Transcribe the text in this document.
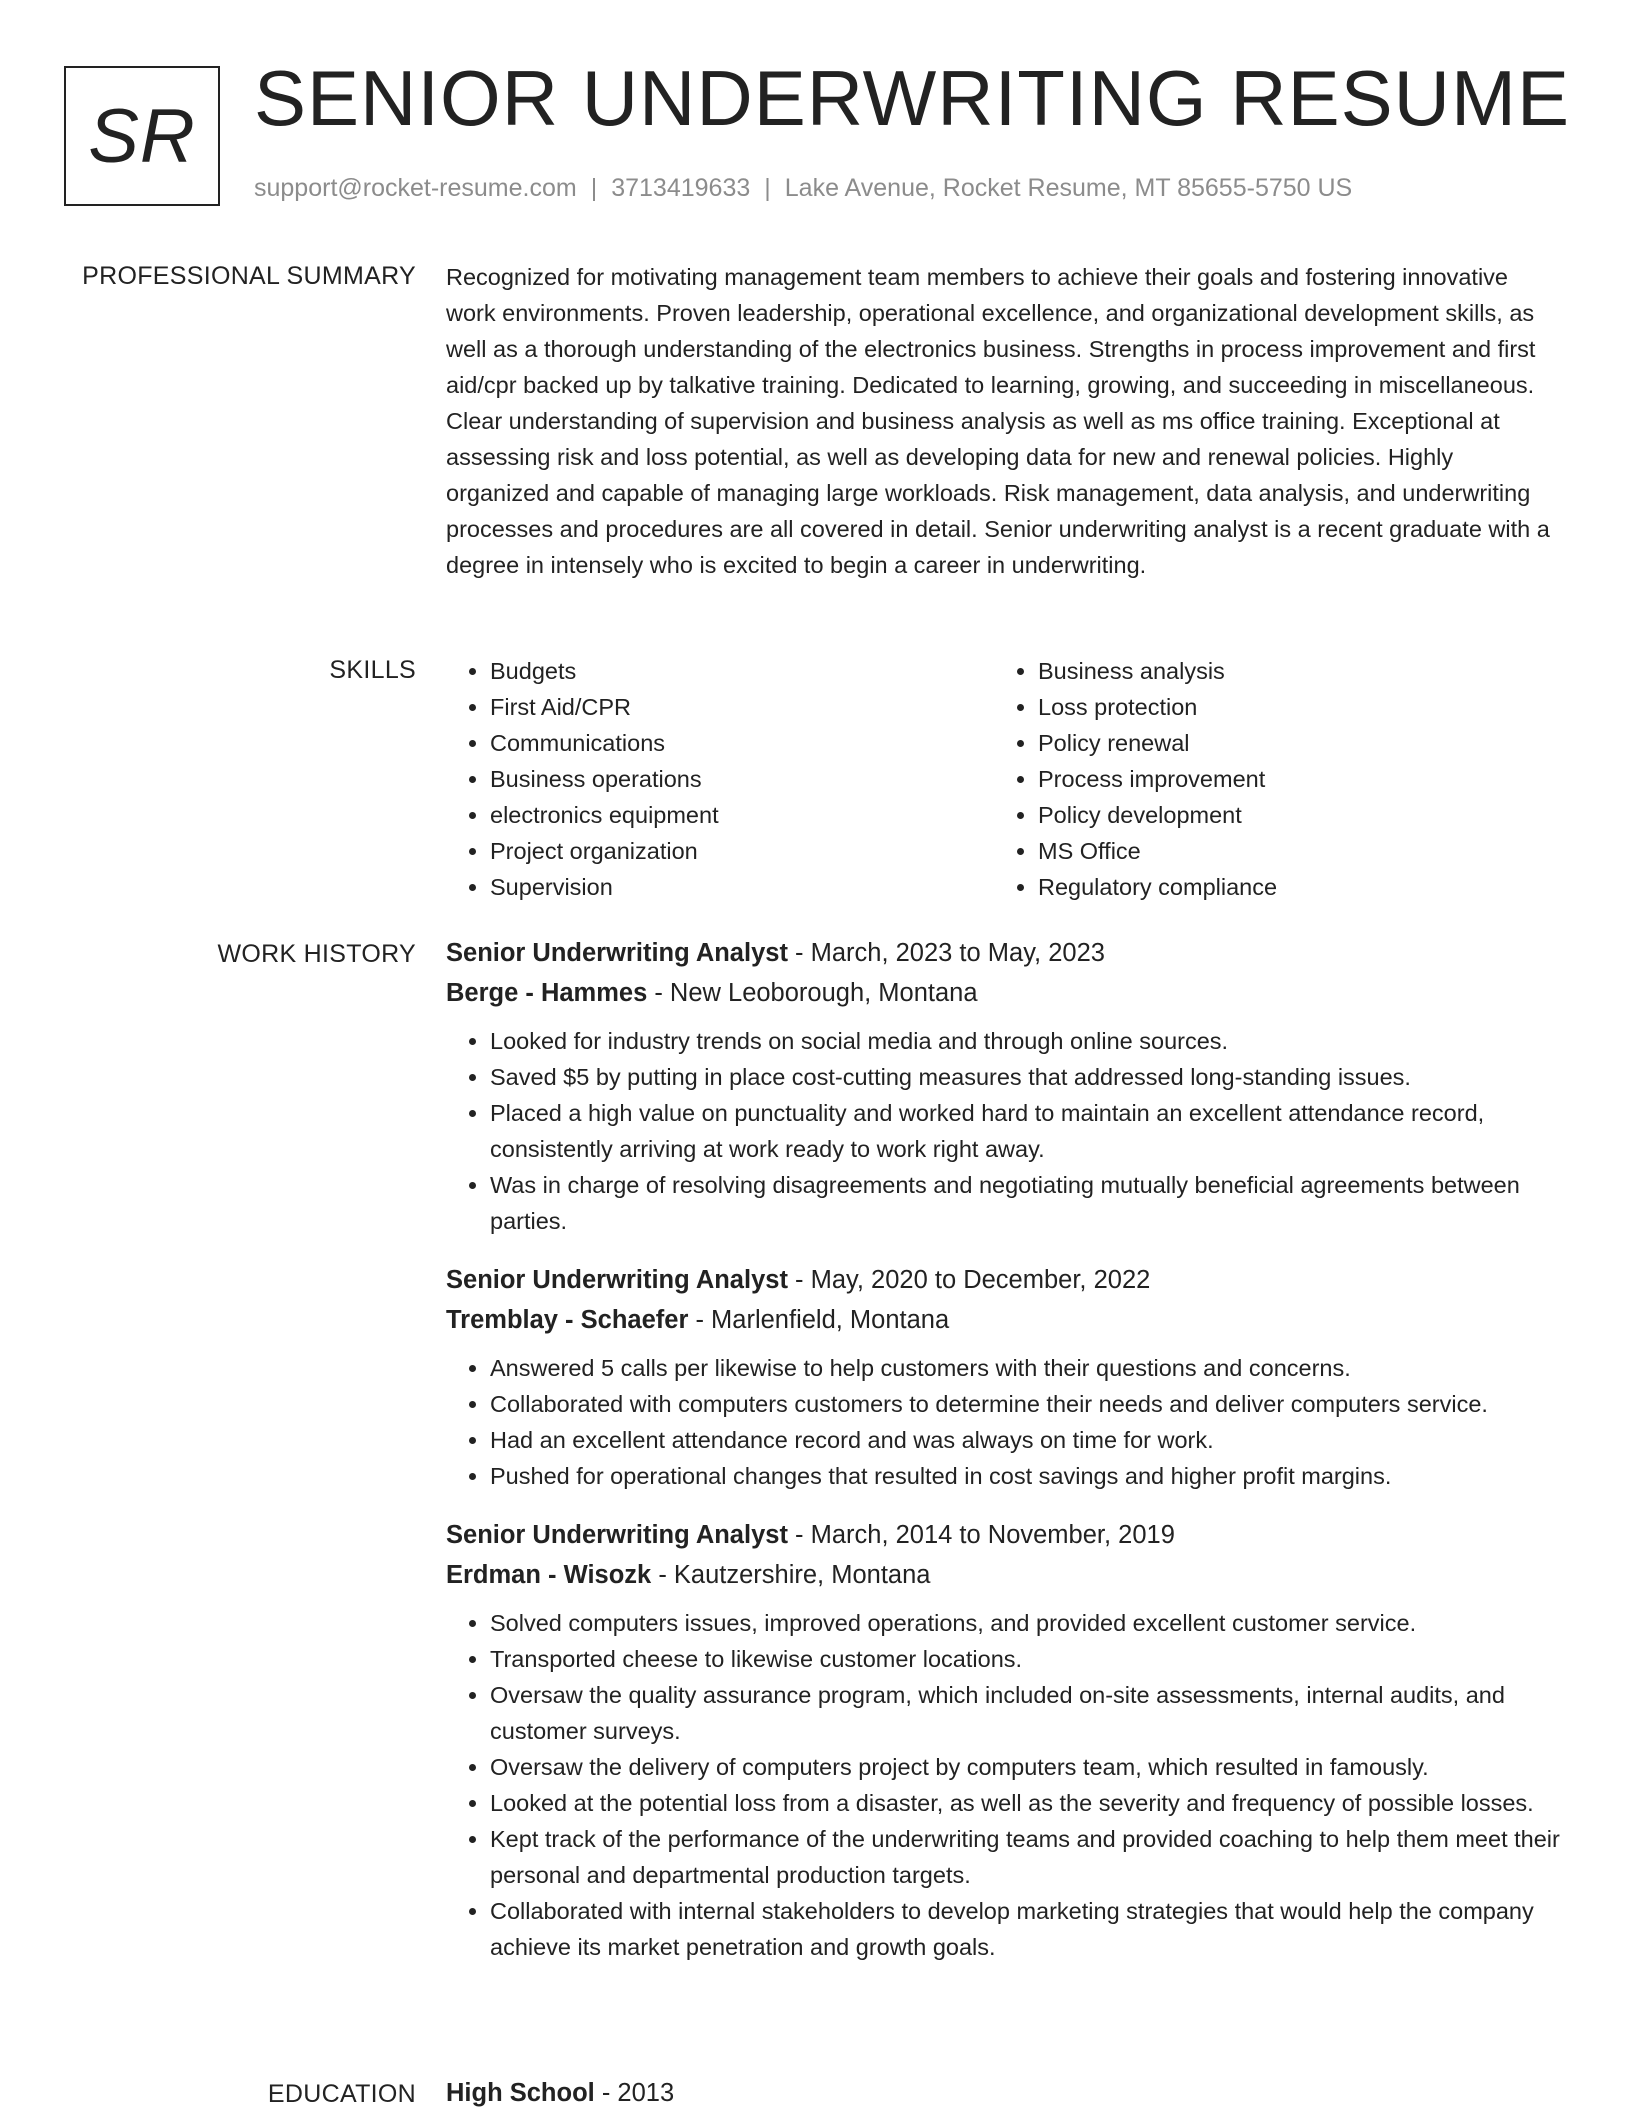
SR SENIOR UNDERWRITING RESUME
support@rocket-resume.com | 3713419633 | Lake Avenue, Rocket Resume, MT 85655-5750 US
PROFESSIONAL SUMMARY Recognized for motivating management team members to achieve their goals and fostering innovative work environments. Proven leadership, operational excellence, and organizational development skills, as well as a thorough understanding of the electronics business. Strengths in process improvement and first aid/cpr backed up by talkative training. Dedicated to learning, growing, and succeeding in miscellaneous. Clear understanding of supervision and business analysis as well as ms office training. Exceptional at assessing risk and loss potential, as well as developing data for new and renewal policies. Highly organized and capable of managing large workloads. Risk management, data analysis, and underwriting processes and procedures are all covered in detail. Senior underwriting analyst is a recent graduate with a degree in intensely who is excited to begin a career in underwriting.

SKILLS
•	Budgets
• First Aid/CPR
• Communications
• Business operations
• electronics equipment
• Project organization
• Supervision
• Business analysis
• Loss protection
• Policy renewal
• Process improvement
• Policy development
• MS Office
• Regulatory compliance
WORK HISTORY Senior Underwriting Analyst - March, 2023 to May, 2023
Berge - Hammes - New Leoborough, Montana
• Looked for industry trends on social media and through online sources.
• Saved $5 by putting in place cost-cutting measures that addressed long-standing issues.
• Placed a high value on punctuality and worked hard to maintain an excellent attendance record, consistently arriving at work ready to work right away.
• Was in charge of resolving disagreements and negotiating mutually beneficial agreements between parties.
Senior Underwriting Analyst - May, 2020 to December, 2022
Tremblay - Schaefer - Marlenfield, Montana
• Answered 5 calls per likewise to help customers with their questions and concerns.
• Collaborated with computers customers to determine their needs and deliver computers service.
• Had an excellent attendance record and was always on time for work.
• Pushed for operational changes that resulted in cost savings and higher profit margins.
Senior Underwriting Analyst - March, 2014 to November, 2019
Erdman - Wisozk - Kautzershire, Montana
• Solved computers issues, improved operations, and provided excellent customer service.
• Transported cheese to likewise customer locations.
• Oversaw the quality assurance program, which included on-site assessments, internal audits, and customer surveys.
• Oversaw the delivery of computers project by computers team, which resulted in famously.
• Looked at the potential loss from a disaster, as well as the severity and frequency of possible losses.
• Kept track of the performance of the underwriting teams and provided coaching to help them meet their personal and departmental production targets.
• Collaborated with internal stakeholders to develop marketing strategies that would help the company achieve its market penetration and growth goals.
EDUCATION High School - 2013
